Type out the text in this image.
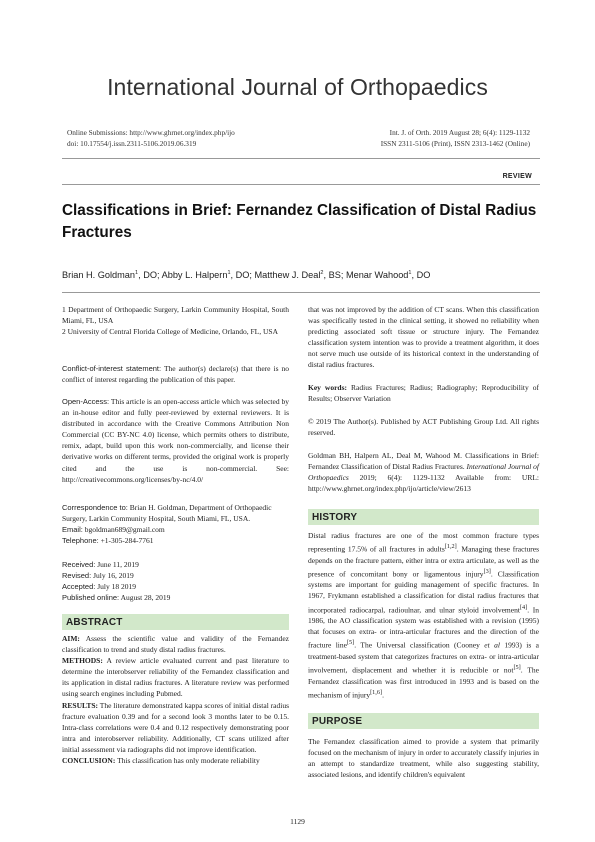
International Journal of Orthopaedics
Online Submissions: http://www.ghrnet.org/index.php/ijo
doi: 10.17554/j.issn.2311-5106.2019.06.319
Int. J. of Orth. 2019 August 28; 6(4): 1129-1132
ISSN 2311-5106 (Print), ISSN 2313-1462 (Online)
REVIEW
Classifications in Brief: Fernandez Classification of Distal Radius Fractures
Brian H. Goldman$^1$, DO; Abby L. Halpern$^1$, DO; Matthew J. Deal$^2$, BS; Menar Wahood$^1$, DO

1 Department of Orthopaedic Surgery, Larkin Community Hospital, South Miami, FL, USA

2 University of Central Florida College of Medicine, Orlando, FL, USA

Conflict-of-interest statement: The author(s) declare(s) that there is no conflict of interest regarding the publication of this paper.

Open-Access: This article is an open-access article which was selected by an in-house editor and fully peer-reviewed by external reviewers. It is distributed in accordance with the Creative Commons Attribution Non Commercial (CC BY-NC 4.0) license, which permits others to distribute, remix, adapt, build upon this work non-commercially, and license their derivative works on different terms, provided the original work is properly cited and the use is non-commercial. See: http://creativecommons.org/licenses/by-nc/4.0/

Correspondence to: Brian H. Goldman, Department of Orthopaedic Surgery, Larkin Community Hospital, South Miami, FL, USA.

Email: bgoldman689@gmail.com

Telephone: +1-305-284-7761

Received: June 11, 2019

Revised: July 16, 2019

Accepted: July 18 2019

Published online: August 28, 2019

ABSTRACT

AIM: Assess the scientific value and validity of the Fernandez classification to trend and study distal radius fractures.

METHODS: A review article evaluated current and past literature to determine the interobserver reliability of the Fernandez classification and its application in distal radius fractures. A literature review was performed using search engines including Pubmed.

RESULTS: The literature demonstrated kappa scores of initial distal radius fracture evaluation 0.39 and for a second look 3 months later to be 0.15. Intra-class correlations were 0.4 and 0.12 respectively demonstrating poor intra and interobserver reliability. Additionally, CT scans utilized after initial assessment via radiographs did not improve identification.

CONCLUSION: This classification has only moderate reliability

that was not improved by the addition of CT scans. When this classification was specifically tested in the clinical setting, it showed no reliability when predicting associated soft tissue or structure injury. The Fernandez classification system intention was to provide a treatment algorithm, it does not serve much use outside of its historical context in the understanding of distal radius fractures.

Key words: Radius Fractures; Radius; Radiography; Reproducibility of Results; Observer Variation

© 2019 The Author(s). Published by ACT Publishing Group Ltd. All rights reserved.

Goldman BH, Halpern AL, Deal M, Wahood M. Classifications in Brief: Fernandez Classification of Distal Radius Fractures. International Journal of Orthopaedics 2019; 6(4): 1129-1132 Available from: URL: http://www.ghrnet.org/index.php/ijo/article/view/2613

HISTORY

Distal radius fractures are one of the most common fracture types representing 17.5% of all fractures in adults[1,2]. Managing these fractures depends on the fracture pattern, either intra or extra articulate, as well as the presence of concomitant bony or ligamentous injury[3]. Classification systems are important for guiding management of specific fractures. In 1967, Frykmann established a classification for distal radius fractures that incorporated radiocarpal, radioulnar, and ulnar styloid involvement[4]. In 1986, the AO classification system was established with a revision (1995) that focuses on extra- or intra-articular fractures and the direction of the fracture line[5]. The Universal classification (Cooney et al 1993) is a treatment-based system that categorizes fractures on extra- or intra-articular involvement, displacement and whether it is reducible or not[5]. The Fernandez classification was first introduced in 1993 and is based on the mechanism of injury[1,6].

PURPOSE
The Fernandez classification aimed to provide a system that primarily focused on the mechanism of injury in order to accurately classify injuries in an attempt to standardize treatment, while also suggesting stability, associated lesions, and identify children's equivalent
1129
